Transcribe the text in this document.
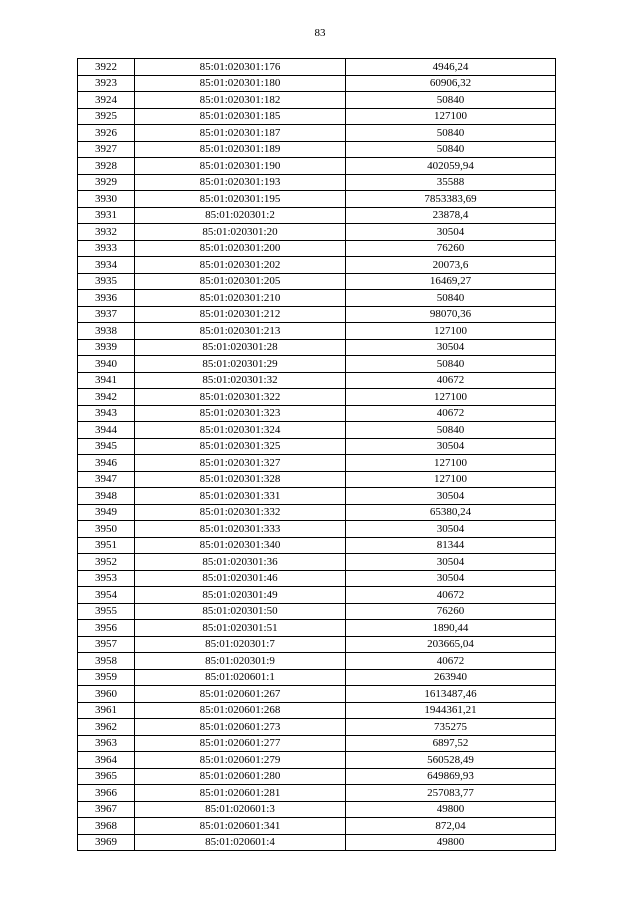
83
3922	85:01:020301:176	4946,24
3923	85:01:020301:180	60906,32
3924	85:01:020301:182	50840
3925	85:01:020301:185	127100
3926	85:01:020301:187	50840
3927	85:01:020301:189	50840
3928	85:01:020301:190	402059,94
3929	85:01:020301:193	35588
3930	85:01:020301:195	7853383,69
3931	85:01:020301:2	23878,4
3932	85:01:020301:20	30504
3933	85:01:020301:200	76260
3934	85:01:020301:202	20073,6
3935	85:01:020301:205	16469,27
3936	85:01:020301:210	50840
3937	85:01:020301:212	98070,36
3938	85:01:020301:213	127100
3939	85:01:020301:28	30504
3940	85:01:020301:29	50840
3941	85:01:020301:32	40672
3942	85:01:020301:322	127100
3943	85:01:020301:323	40672
3944	85:01:020301:324	50840
3945	85:01:020301:325	30504
3946	85:01:020301:327	127100
3947	85:01:020301:328	127100
3948	85:01:020301:331	30504
3949	85:01:020301:332	65380,24
3950	85:01:020301:333	30504
3951	85:01:020301:340	81344
3952	85:01:020301:36	30504
3953	85:01:020301:46	30504
3954	85:01:020301:49	40672
3955	85:01:020301:50	76260
3956	85:01:020301:51	1890,44
3957	85:01:020301:7	203665,04
3958	85:01:020301:9	40672
3959	85:01:020601:1	263940
3960	85:01:020601:267	1613487,46
3961	85:01:020601:268	1944361,21
3962	85:01:020601:273	735275
3963	85:01:020601:277	6897,52
3964	85:01:020601:279	560528,49
3965	85:01:020601:280	649869,93
3966	85:01:020601:281	257083,77
3967	85:01:020601:3	49800
3968	85:01:020601:341	872,04
3969	85:01:020601:4	49800
